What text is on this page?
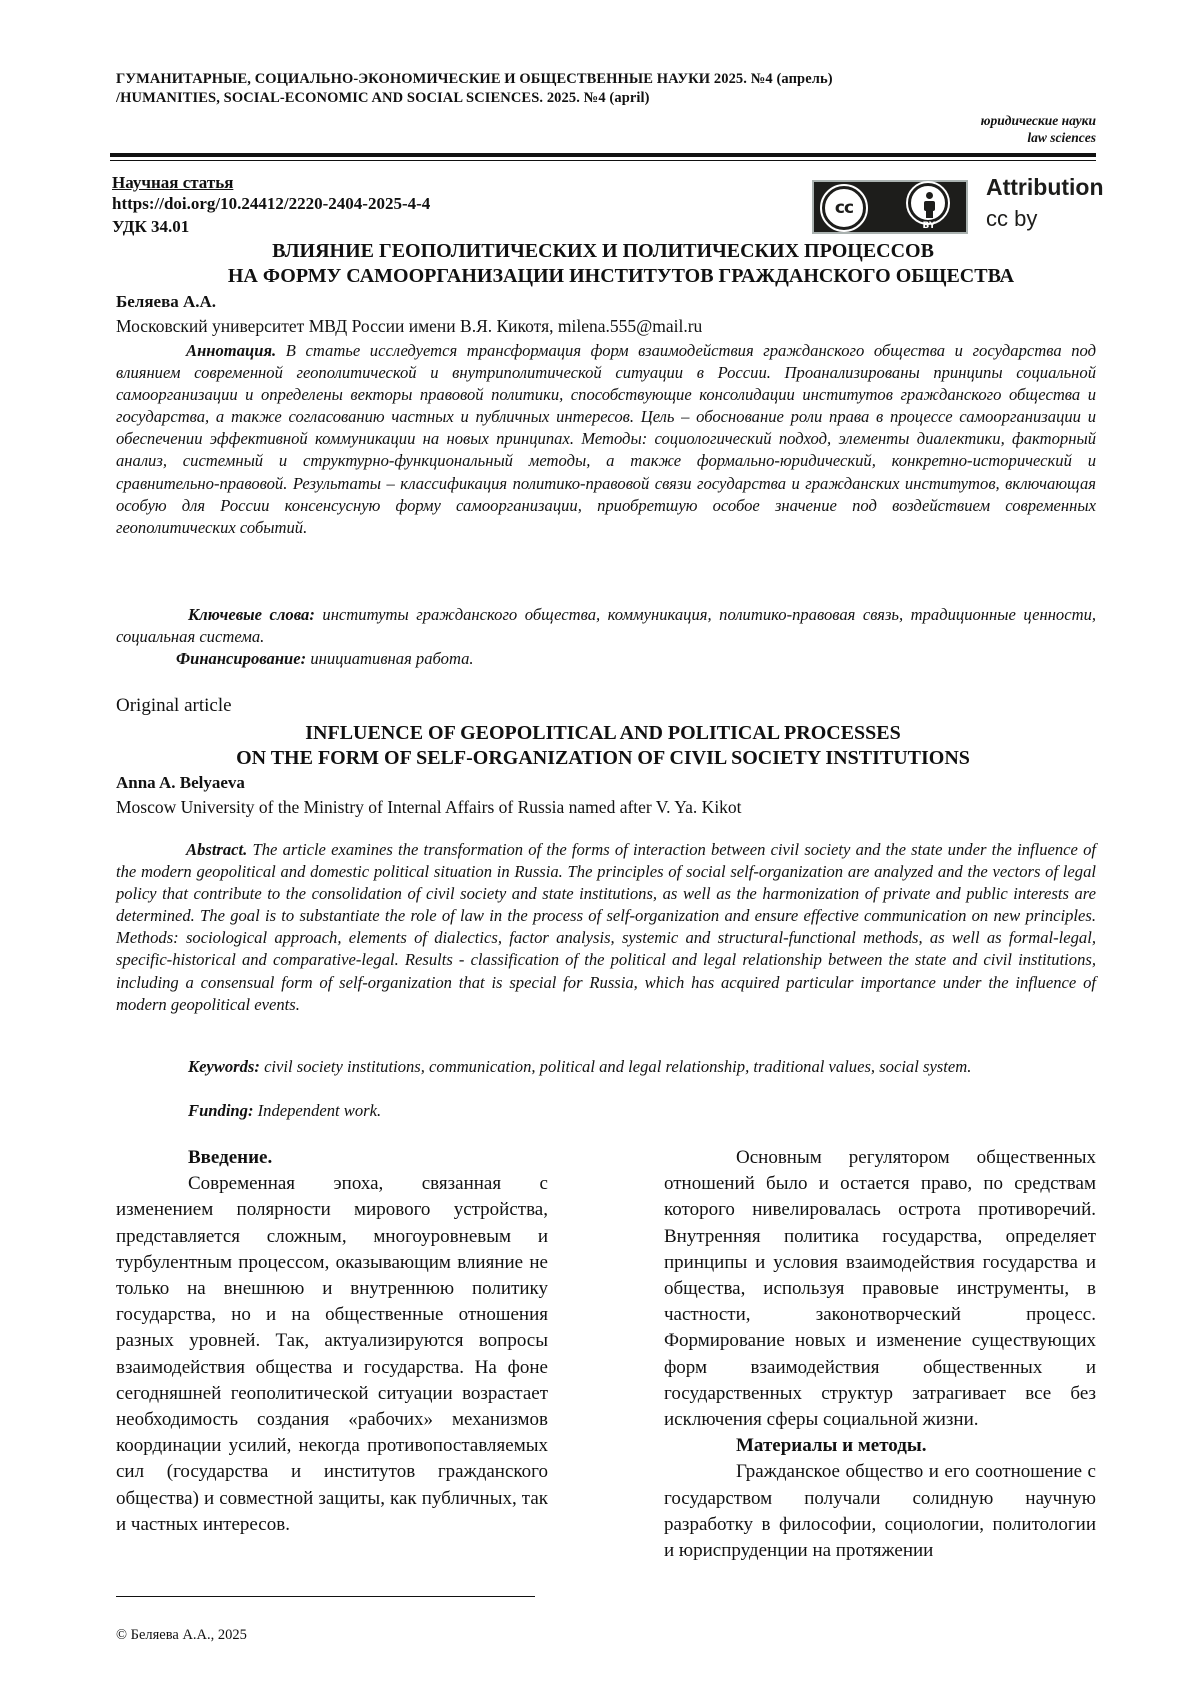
ГУМАНИТАРНЫЕ, СОЦИАЛЬНО-ЭКОНОМИЧЕСКИЕ И ОБЩЕСТВЕННЫЕ НАУКИ 2025. №4 (апрель)
/HUMANITIES, SOCIAL-ECONOMIC AND SOCIAL SCIENCES. 2025. №4 (april)
юридические науки
law sciences
Научная статья
https://doi.org/10.24412/2220-2404-2025-4-4
УДК 34.01
cc
BY
Attribution
cc by
ВЛИЯНИЕ ГЕОПОЛИТИЧЕСКИХ И ПОЛИТИЧЕСКИХ ПРОЦЕССОВ
НА ФОРМУ САМООРГАНИЗАЦИИ ИНСТИТУТОВ ГРАЖДАНСКОГО ОБЩЕСТВА
Беляева А.А.
Московский университет МВД России имени В.Я. Кикотя, milena.555@mail.ru
Аннотация. В статье исследуется трансформация форм взаимодействия гражданского общества и государства под влиянием современной геополитической и внутриполитической ситуации в России. Проанализированы принципы социальной самоорганизации и определены векторы правовой политики, способствующие консолидации институтов гражданского общества и государства, а также согласованию частных и публичных интересов. Цель – обоснование роли права в процессе самоорганизации и обеспечении эффективной коммуникации на новых принципах. Методы: социологический подход, элементы диалектики, факторный анализ, системный и структурно-функциональный методы, а также формально-юридический, конкретно-исторический и сравнительно-правовой. Результаты – классификация политико-правовой связи государства и гражданских институтов, включающая особую для России консенсусную форму самоорганизации, приобретшую особое значение под воздействием современных геополитических событий.
Ключевые слова: институты гражданского общества, коммуникация, политико-правовая связь, традиционные ценности, социальная система.
Финансирование: инициативная работа.
Original article
INFLUENCE OF GEOPOLITICAL AND POLITICAL PROCESSES
ON THE FORM OF SELF-ORGANIZATION OF CIVIL SOCIETY INSTITUTIONS
Anna A. Belyaeva
Moscow University of the Ministry of Internal Affairs of Russia named after V. Ya. Kikot
Abstract. The article examines the transformation of the forms of interaction between civil society and the state under the influence of the modern geopolitical and domestic political situation in Russia. The principles of social self-organization are analyzed and the vectors of legal policy that contribute to the consolidation of civil society and state institutions, as well as the harmonization of private and public interests are determined. The goal is to substantiate the role of law in the process of self-organization and ensure effective communication on new principles. Methods: sociological approach, elements of dialectics, factor analysis, systemic and structural-functional methods, as well as formal-legal, specific-historical and comparative-legal. Results - classification of the political and legal relationship between the state and civil institutions, including a consensual form of self-organization that is special for Russia, which has acquired particular importance under the influence of modern geopolitical events.
Keywords: civil society institutions, communication, political and legal relationship, traditional values, social system.
Funding: Independent work.
Введение.

Современная эпоха, связанная с изменением полярности мирового устройства, представляется сложным, многоуровневым и турбулентным процессом, оказывающим влияние не только на внешнюю и внутреннюю политику государства, но и на общественные отношения разных уровней. Так, актуализируются вопросы взаимодействия общества и государства. На фоне сегодняшней геополитической ситуации возрастает необходимость создания «рабочих» механизмов координации усилий, некогда противопоставляемых сил (государства и институтов гражданского общества) и совместной защиты, как публичных, так и частных интересов.

Основным регулятором общественных отношений было и остается право, по средствам которого нивелировалась острота противоречий. Внутренняя политика государства, определяет принципы и условия взаимодействия государства и общества, используя правовые инструменты, в частности, законотворческий процесс. Формирование новых и изменение существующих форм взаимодействия общественных и государственных структур затрагивает все без исключения сферы социальной жизни.

Материалы и методы.

Гражданское общество и его соотношение с государством получали солидную научную разработку в философии, социологии, политологии и юриспруденции на протяжении

© Беляева А.А., 2025
